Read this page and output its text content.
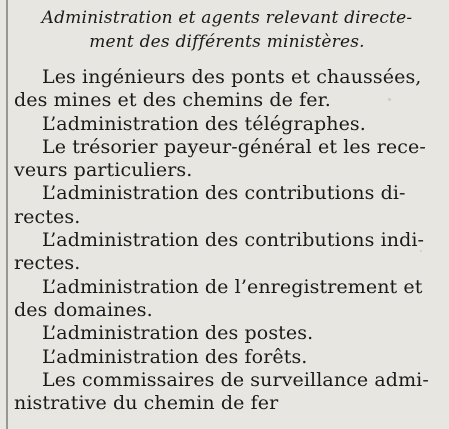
Administration et agents relevant directe-
ment des différents ministères.
Les ingénieurs des ponts et chaussées,
des mines et des chemins de fer.
L’administration des télégraphes.
Le trésorier payeur-général et les rece-
veurs particuliers.
L’administration des contributions di-
rectes.
L’administration des contributions indi-
rectes.
L’administration de l’enregistrement et
des domaines.
L’administration des postes.
L’administration des forêts.
Les commissaires de surveillance admi-
nistrative du chemin de fer
